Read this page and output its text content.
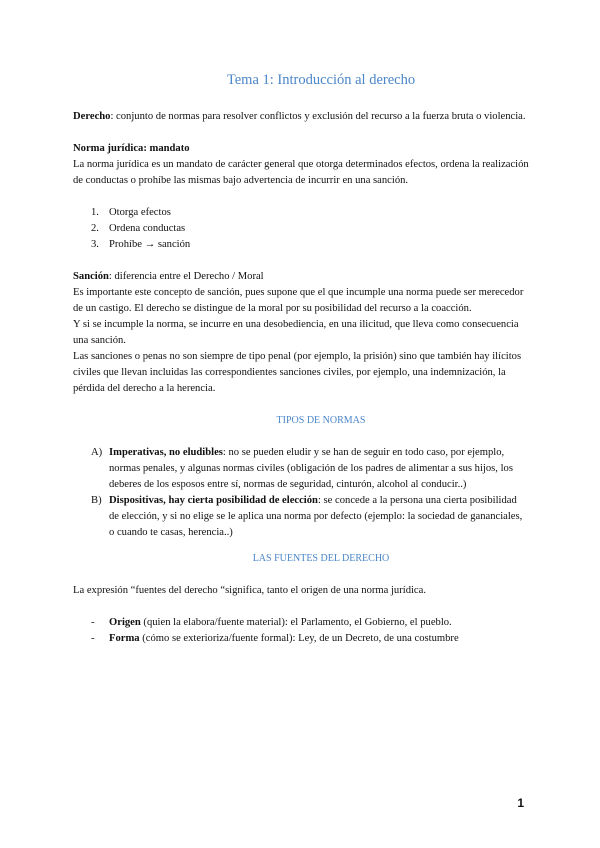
Tema 1: Introducción al derecho

Derecho: conjunto de normas para resolver conflictos y exclusión del recurso a la fuerza bruta o violencia.

Norma jurídica: mandato

La norma jurídica es un mandato de carácter general que otorga determinados efectos, ordena la realización de conductas o prohíbe las mismas bajo advertencia de incurrir en una sanción.

1. Otorga efectos
2. Ordena conductas
3. Prohíbe → sanción

Sanción: diferencia entre el Derecho / Moral

Es importante este concepto de sanción, pues supone que el que incumple una norma puede ser merecedor de un castigo. El derecho se distingue de la moral por su posibilidad del recurso a la coacción.

Y si se incumple la norma, se incurre en una desobediencia, en una ilicitud, que lleva como consecuencia una sanción.

Las sanciones o penas no son siempre de tipo penal (por ejemplo, la prisión) sino que también hay ilícitos civiles que llevan incluidas las correspondientes sanciones civiles, por ejemplo, una indemnización, la pérdida del derecho a la herencia.

TIPOS DE NORMAS

A) Imperativas, no eludibles: no se pueden eludir y se han de seguir en todo caso, por ejemplo, normas penales, y algunas normas civiles (obligación de los padres de alimentar a sus hijos, los deberes de los esposos entre sí, normas de seguridad, cinturón, alcohol al conducir..)
B) Dispositivas, hay cierta posibilidad de elección: se concede a la persona una cierta posibilidad de elección, y si no elige se le aplica una norma por defecto (ejemplo: la sociedad de gananciales, o cuando te casas, herencia..)

LAS FUENTES DEL DERECHO

La expresión “fuentes del derecho “significa, tanto el origen de una norma jurídica.

- Origen (quien la elabora/fuente material): el Parlamento, el Gobierno, el pueblo.
- Forma (cómo se exterioriza/fuente formal): Ley, de un Decreto, de una costumbre
1
